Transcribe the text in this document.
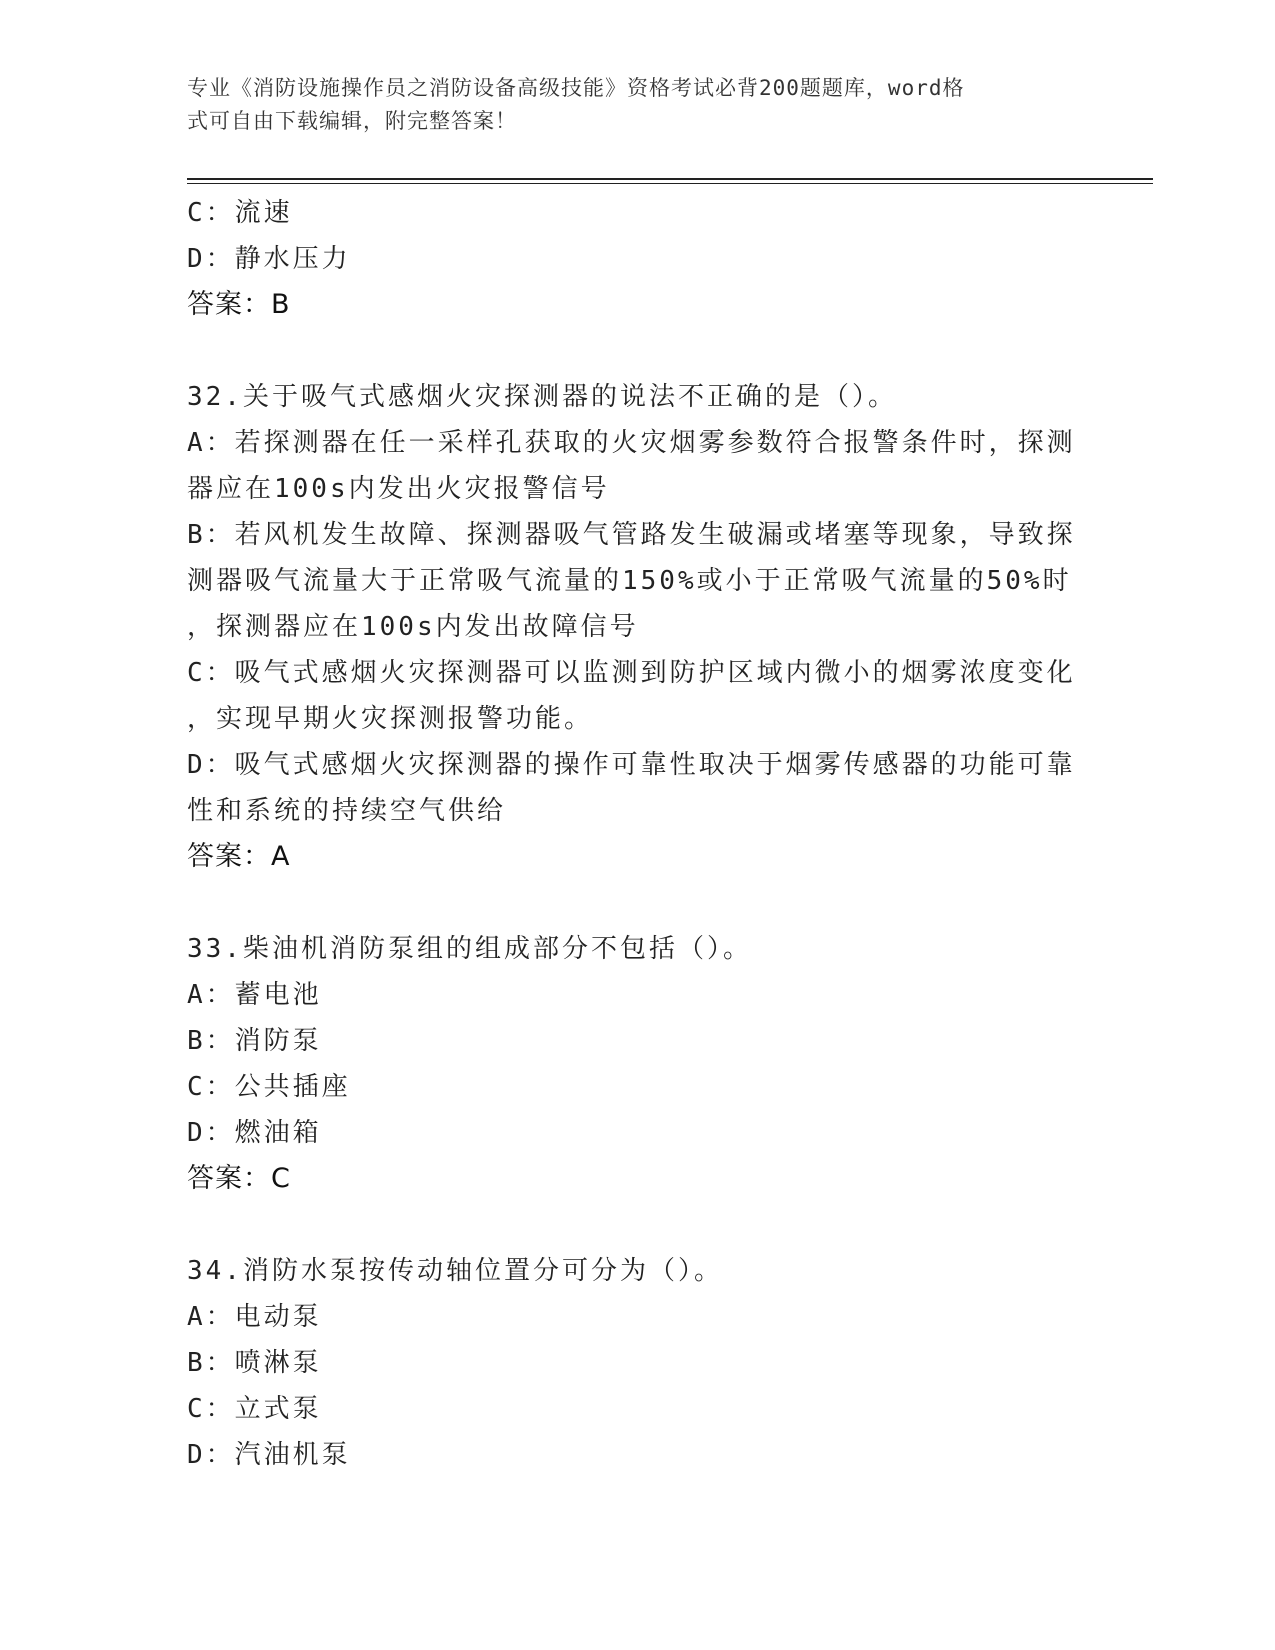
专业《消防设施操作员之消防设备高级技能》资格考试必背200题题库，word格
式可自由下载编辑，附完整答案！
C：流速
D：静水压力
答案：B
32.关于吸气式感烟火灾探测器的说法不正确的是（）。
A：若探测器在任一采样孔获取的火灾烟雾参数符合报警条件时，探测
器应在100s内发出火灾报警信号
B：若风机发生故障、探测器吸气管路发生破漏或堵塞等现象，导致探
测器吸气流量大于正常吸气流量的150%或小于正常吸气流量的50%时
，探测器应在100s内发出故障信号
C：吸气式感烟火灾探测器可以监测到防护区域内微小的烟雾浓度变化
，实现早期火灾探测报警功能。
D：吸气式感烟火灾探测器的操作可靠性取决于烟雾传感器的功能可靠
性和系统的持续空气供给
答案：A
33.柴油机消防泵组的组成部分不包括（）。
A：蓄电池
B：消防泵
C：公共插座
D：燃油箱
答案：C
34.消防水泵按传动轴位置分可分为（）。
A：电动泵
B：喷淋泵
C：立式泵
D：汽油机泵
